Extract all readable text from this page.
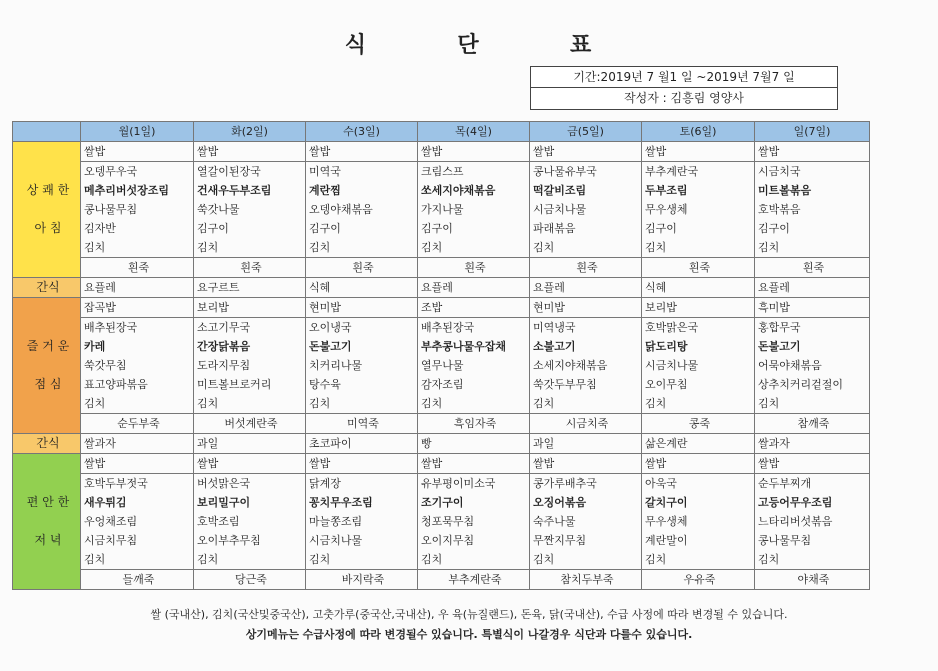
식	단	표
기간:2019년 7 월1 일 ~2019년 7월7 일
작성자 : 김흥림 영양사
	월(1일)	화(2일)	수(3일)	목(4일)	금(5일)	토(6일)	일(7일)
상 쾌 한

아 침	쌀밥	쌀밥	쌀밥	쌀밥	쌀밥	쌀밥	쌀밥
	오뎅무우국	열갈이된장국	미역국	크림스프	콩나물유부국	부추계란국	시금치국
	메추리버섯장조림	건새우두부조림	계란찜	쏘세지야채볶음	떡갈비조림	두부조림	미트볼볶음
	콩나물무침	쑥갓나물	오뎅야채볶음	가지나물	시금치나물	무우생체	호박볶음
	김자반	김구이	김구이	김구이	파래볶음	김구이	김구이
	김치	김치	김치	김치	김치	김치	김치
	흰죽	흰죽	흰죽	흰죽	흰죽	흰죽	흰죽
간식	요플레	요구르트	식혜	요플레	요플레	식혜	요플레
즐 거 운

점 심	잡곡밥	보리밥	현미밥	조밥	현미밥	보리밥	흑미밥
	배추된장국	소고기무국	오이냉국	배추된장국	미역냉국	호박맑은국	홍합무국
	카레	간장닭볶음	돈불고기	부추콩나물우잡채	소불고기	닭도리탕	돈불고기
	쑥갓무침	도라지무침	치커리나물	열무나물	소세지야채볶음	시금치나물	어묵야채볶음
	표고양파볶음	미트볼브로커리	탕수육	감자조림	쑥갓두부무침	오이무침	상추치커리겉절이
	김치	김치	김치	김치	김치	김치	김치
	순두부죽	버섯계란죽	미역죽	흑임자죽	시금치죽	콩죽	참깨죽
간식	쌀과자	과일	초코파이	빵	과일	삶은계란	쌀과자
편 안 한

저 녁	쌀밥	쌀밥	쌀밥	쌀밥	쌀밥	쌀밥	쌀밥
	호박두부젓국	버섯맑은국	닭계장	유부평이미소국	콩가루배추국	아욱국	순두부찌개
	새우튀김	보리밀구이	꽁치무우조림	조기구이	오징어볶음	갈치구이	고등어무우조림
	우엉채조림	호박조림	마늘쫑조림	청포묵무침	숙주나물	무우생체	느타리버섯볶음
	시금치무침	오이부추무침	시금치나물	오이지무침	무짠지무침	계란말이	콩나물무침
	김치	김치	김치	김치	김치	김치	김치
	들깨죽	당근죽	바지락죽	부추계란죽	참치두부죽	우유죽	야채죽
쌀 (국내산), 김치(국산및중국산), 고춧가루(중국산,국내산), 우 육(뉴질랜드), 돈육, 닭(국내산), 수급 사정에 따라 변경될 수 있습니다.
상기메뉴는 수급사정에 따라 변경될수 있습니다. 특별식이 나갈경우 식단과 다를수 있습니다.
